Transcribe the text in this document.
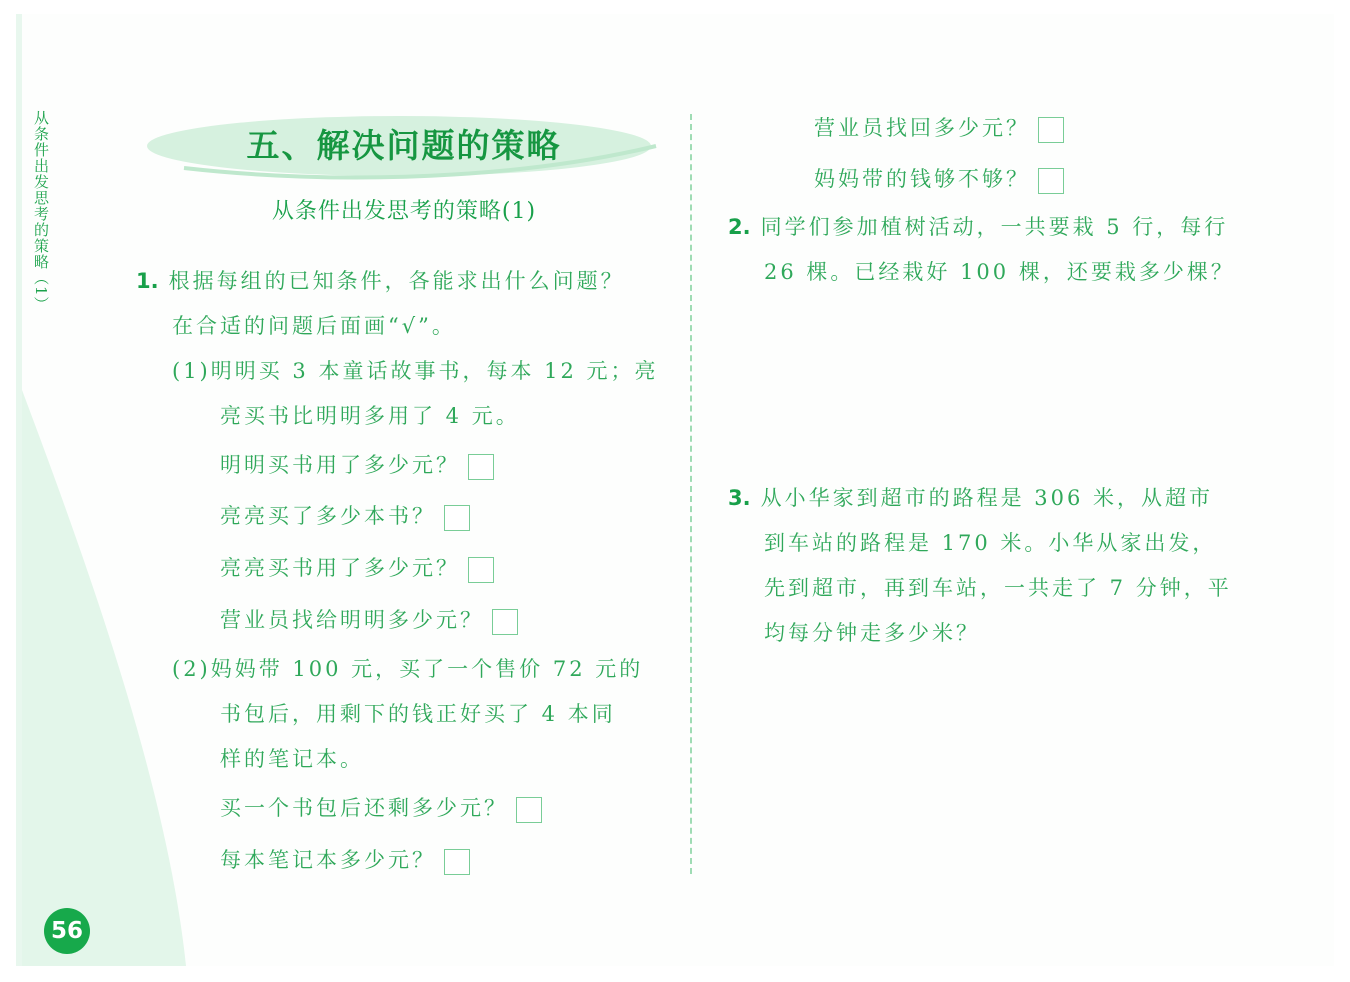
从条件出发思考的策略（1）
56
五、解决问题的策略
从条件出发思考的策略(1)
1. 根据每组的已知条件，各能求出什么问题？
在合适的问题后面画“√”。
(1)明明买 3 本童话故事书，每本 12 元；亮
亮买书比明明多用了 4 元。
明明买书用了多少元？
亮亮买了多少本书？
亮亮买书用了多少元？
营业员找给明明多少元？
(2)妈妈带 100 元，买了一个售价 72 元的
书包后，用剩下的钱正好买了 4 本同
样的笔记本。
买一个书包后还剩多少元？
每本笔记本多少元？
营业员找回多少元？
妈妈带的钱够不够？
2. 同学们参加植树活动，一共要栽 5 行，每行
26 棵。已经栽好 100 棵，还要栽多少棵？
3. 从小华家到超市的路程是 306 米，从超市
到车站的路程是 170 米。小华从家出发，
先到超市，再到车站，一共走了 7 分钟，平
均每分钟走多少米？
